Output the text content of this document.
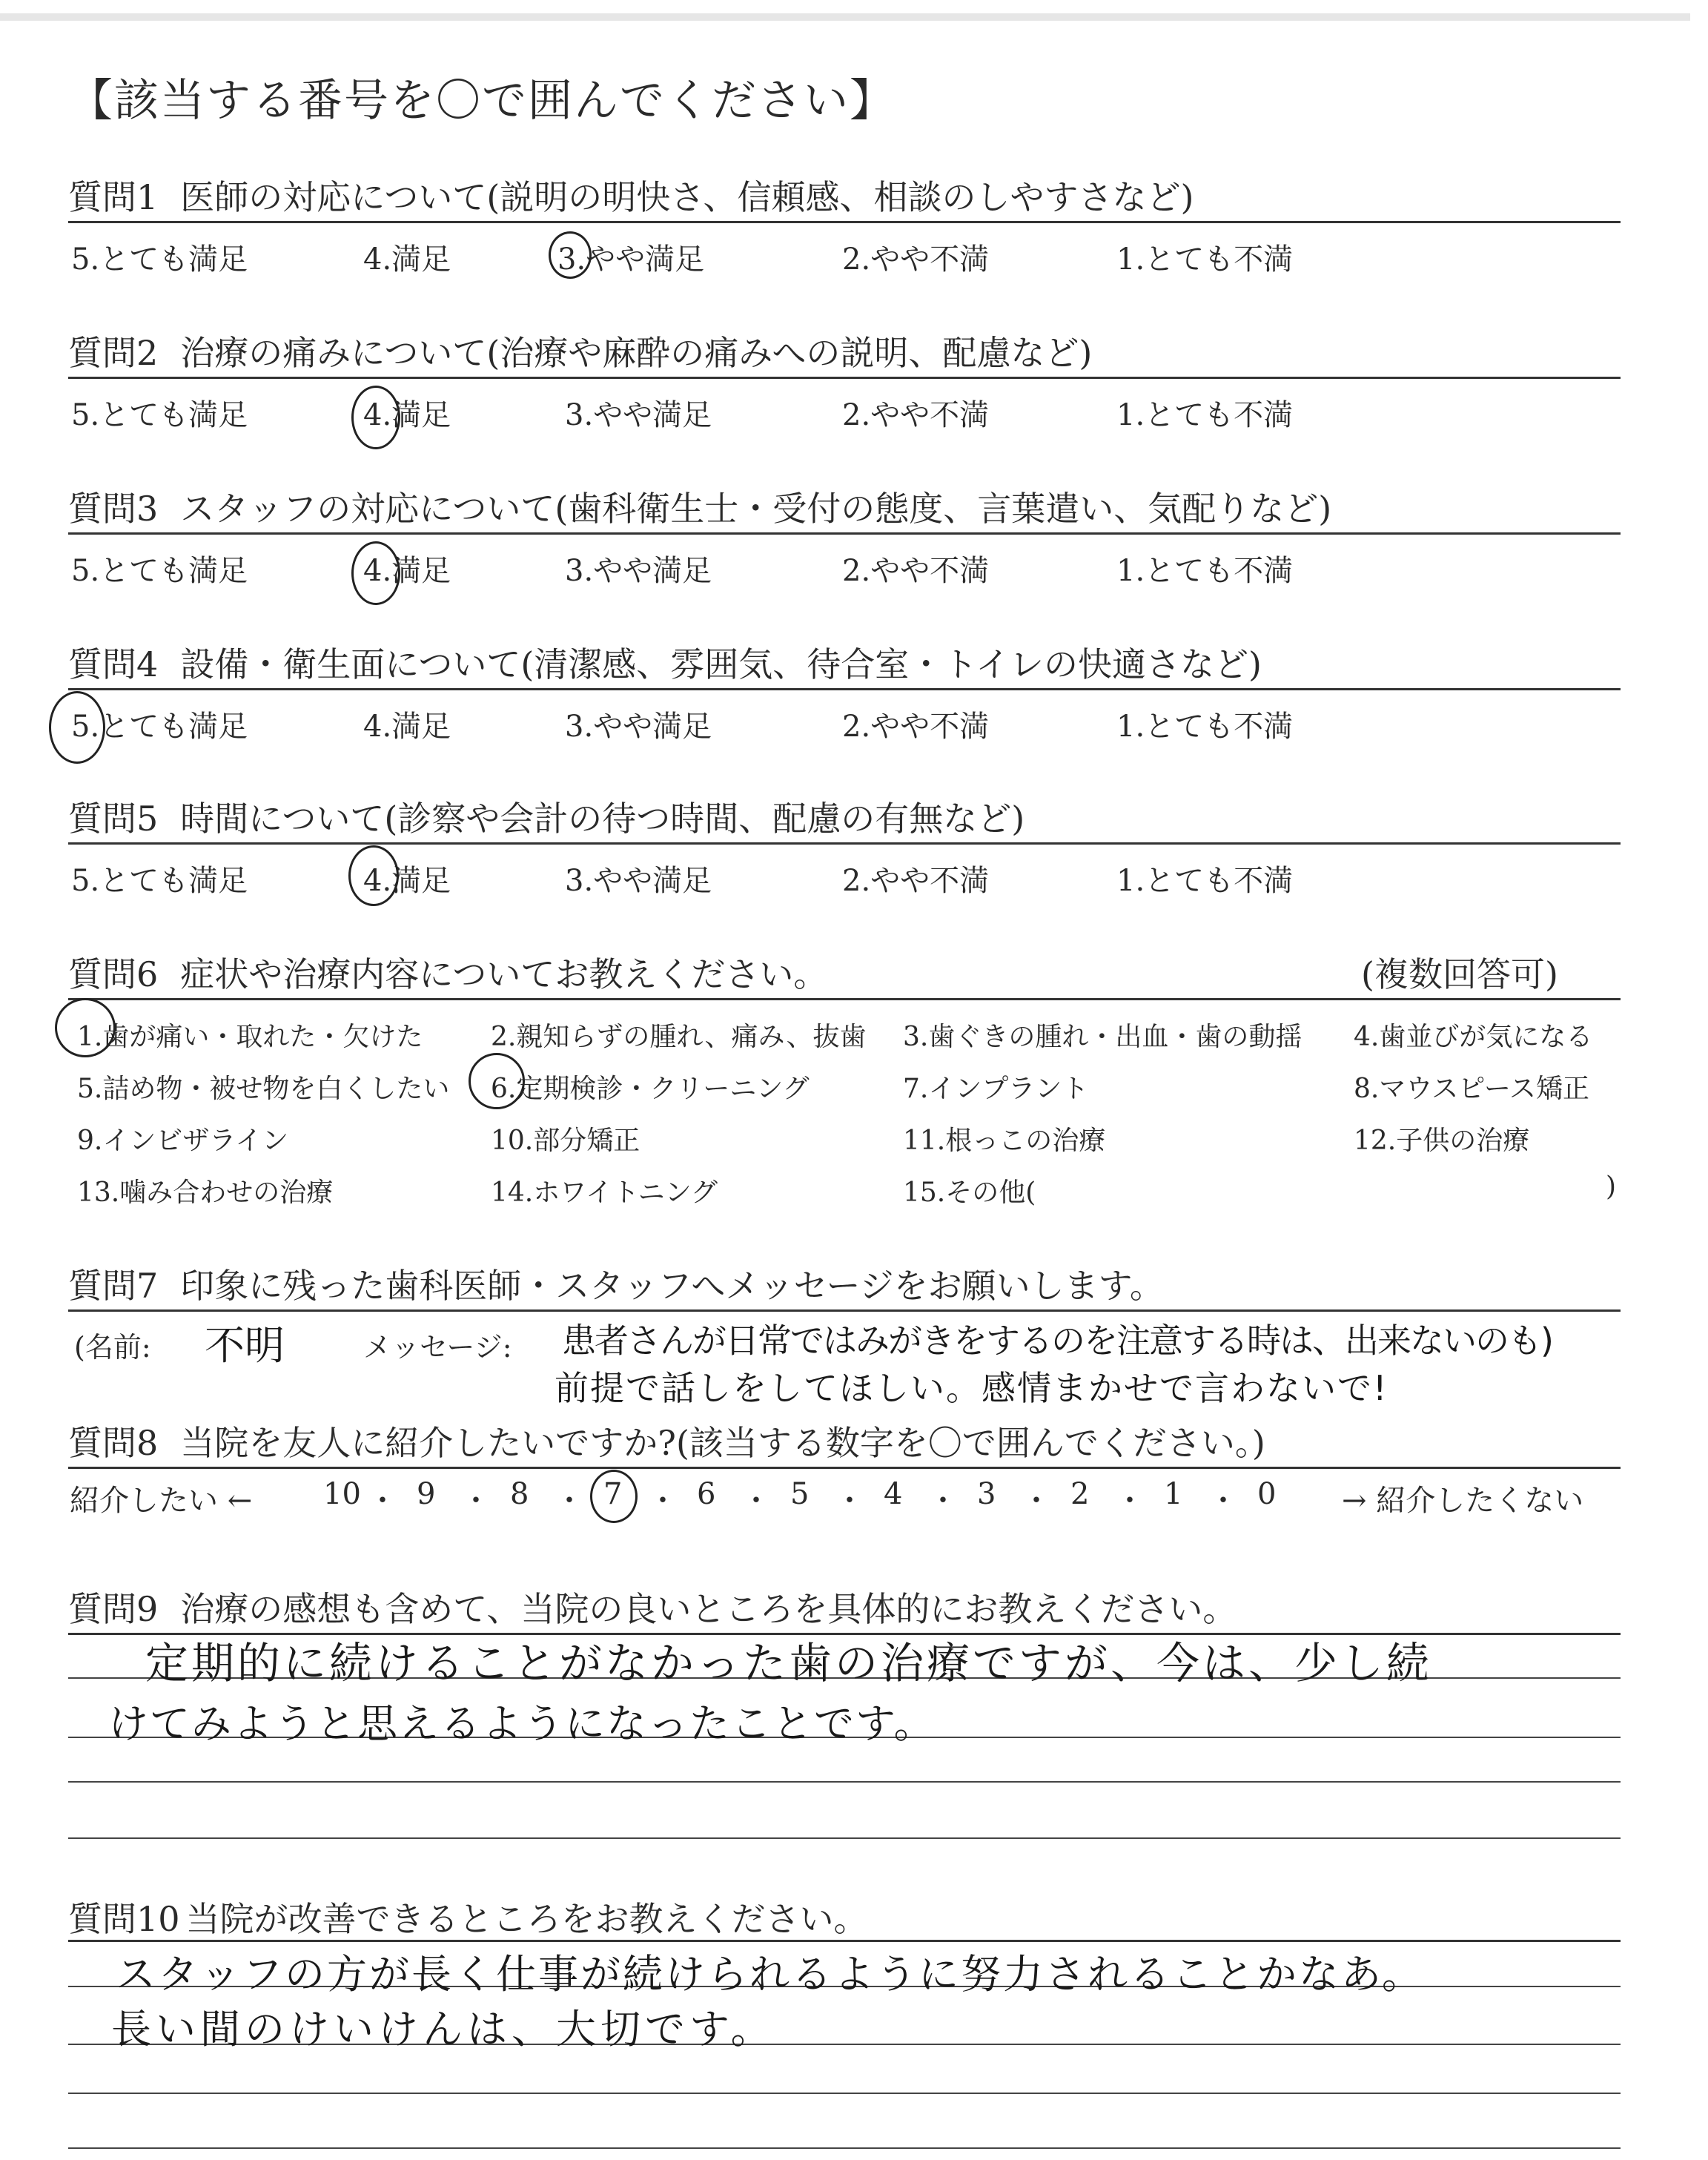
【該当する番号を〇で囲んでください】
質問1 医師の対応について(説明の明快さ、信頼感、相談のしやすさなど)
5.とても満足	4.満足	3.やや満足	2.やや不満	1.とても不満
質問2 治療の痛みについて(治療や麻酔の痛みへの説明、配慮など)
5.とても満足	4.満足	3.やや満足	2.やや不満	1.とても不満
質問3 スタッフの対応について(歯科衛生士・受付の態度、言葉遣い、気配りなど)
5.とても満足	4.満足	3.やや満足	2.やや不満	1.とても不満
質問4 設備・衛生面について(清潔感、雰囲気、待合室・トイレの快適さなど)
5.とても満足	4.満足	3.やや満足	2.やや不満	1.とても不満
質問5 時間について(診察や会計の待つ時間、配慮の有無など)
5.とても満足	4.満足	3.やや満足	2.やや不満	1.とても不満
質問6 症状や治療内容についてお教えください。	(複数回答可)
1.歯が痛い・取れた・欠けた	2.親知らずの腫れ、痛み、抜歯 3.歯ぐきの腫れ・出血・歯の動揺 4.歯並びが気になる
5.詰め物・被せ物を白くしたい 6.定期検診・クリーニング	7.インプラント	8.マウスピース矯正
9.インビザライン	10.部分矯正	11.根っこの治療	12.子供の治療
13.噛み合わせの治療	14.ホワイトニング	15.その他(	)
質問7 印象に残った歯科医師・スタッフへメッセージをお願いします。
(名前: 不明	メッセージ: 患者さんが日常ではみがきをするのを注意する時は、出来ないのも)
前提で話しをしてほしい。感情まかせで言わないで!
質問8 当院を友人に紹介したいですか?(該当する数字を〇で囲んでください。)
紹介したい ←	→ 紹介したくない
10 ・ 9 ・ 8 ・ 7 ・ 6 ・ 5 ・ 4 ・ 3 ・ 2 ・ 1 ・ 0
質問9 治療の感想も含めて、当院の良いところを具体的にお教えください。
定期的に続けることがなかった歯の治療ですが、今は、少し続
けてみようと思えるようになったことです。
質問10 当院が改善できるところをお教えください。
スタッフの方が長く仕事が続けられるように努力されることかなあ。
長い間のけいけんは、大切です。
